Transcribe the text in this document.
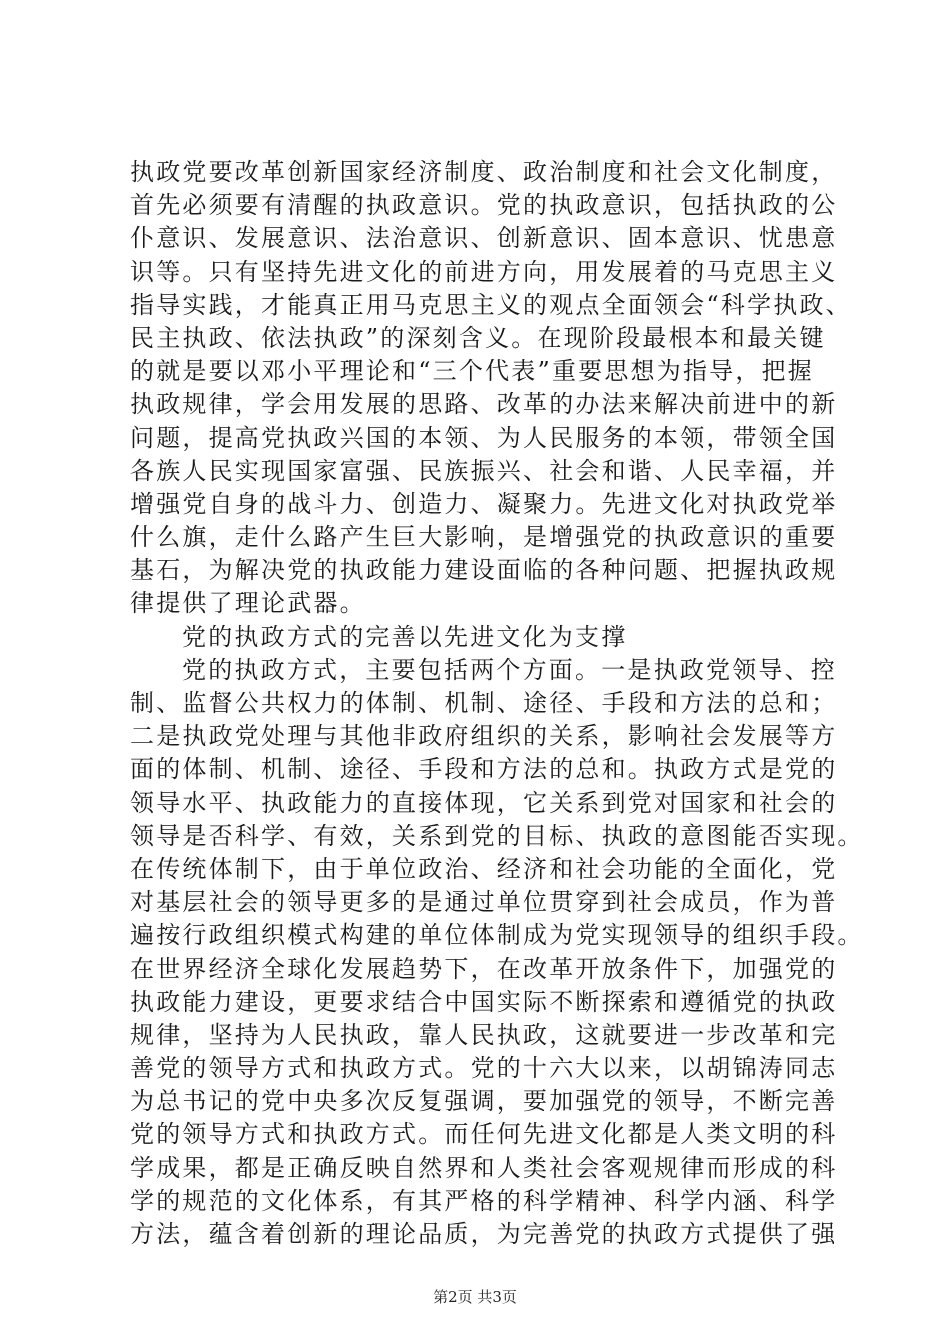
执政党要改革创新国家经济制度、政治制度和社会文化制度，
首先必须要有清醒的执政意识。党的执政意识，包括执政的公
仆意识、发展意识、法治意识、创新意识、固本意识、忧患意
识等。只有坚持先进文化的前进方向，用发展着的马克思主义
指导实践，才能真正用马克思主义的观点全面领会“科学执政、
民主执政、依法执政”的深刻含义。在现阶段最根本和最关键
的就是要以邓小平理论和“三个代表”重要思想为指导，把握
执政规律，学会用发展的思路、改革的办法来解决前进中的新
问题，提高党执政兴国的本领、为人民服务的本领，带领全国
各族人民实现国家富强、民族振兴、社会和谐、人民幸福，并
增强党自身的战斗力、创造力、凝聚力。先进文化对执政党举
什么旗，走什么路产生巨大影响，是增强党的执政意识的重要
基石，为解决党的执政能力建设面临的各种问题、把握执政规
律提供了理论武器。
党的执政方式的完善以先进文化为支撑
党的执政方式，主要包括两个方面。一是执政党领导、控
制、监督公共权力的体制、机制、途径、手段和方法的总和；
二是执政党处理与其他非政府组织的关系，影响社会发展等方
面的体制、机制、途径、手段和方法的总和。执政方式是党的
领导水平、执政能力的直接体现，它关系到党对国家和社会的
领导是否科学、有效，关系到党的目标、执政的意图能否实现。
在传统体制下，由于单位政治、经济和社会功能的全面化，党
对基层社会的领导更多的是通过单位贯穿到社会成员，作为普
遍按行政组织模式构建的单位体制成为党实现领导的组织手段。
在世界经济全球化发展趋势下，在改革开放条件下，加强党的
执政能力建设，更要求结合中国实际不断探索和遵循党的执政
规律，坚持为人民执政，靠人民执政，这就要进一步改革和完
善党的领导方式和执政方式。党的十六大以来，以胡锦涛同志
为总书记的党中央多次反复强调，要加强党的领导，不断完善
党的领导方式和执政方式。而任何先进文化都是人类文明的科
学成果，都是正确反映自然界和人类社会客观规律而形成的科
学的规范的文化体系，有其严格的科学精神、科学内涵、科学
方法，蕴含着创新的理论品质，为完善党的执政方式提供了强
第2页 共3页
